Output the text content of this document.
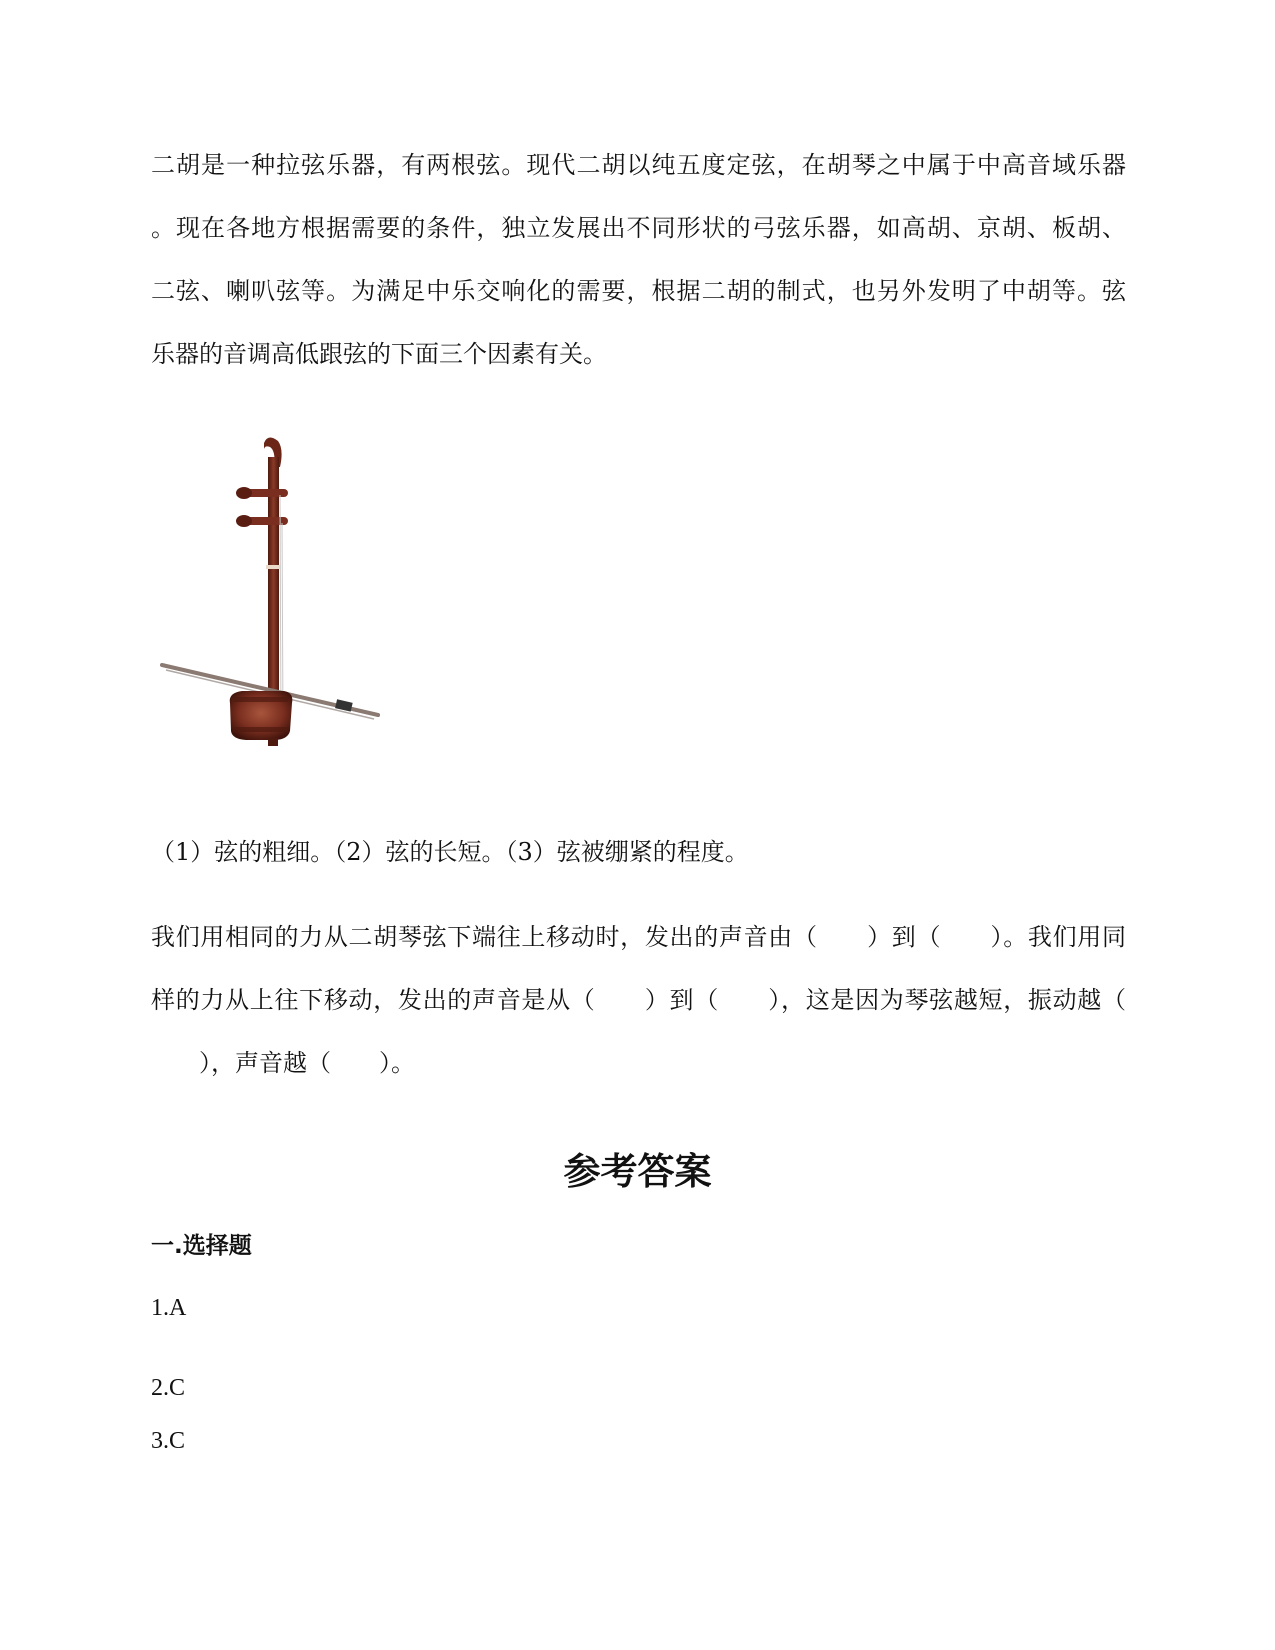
二胡是一种拉弦乐器，有两根弦。现代二胡以纯五度定弦，在胡琴之中属于中高音域乐器
。现在各地方根据需要的条件，独立发展出不同形状的弓弦乐器，如高胡、京胡、板胡、
二弦、喇叭弦等。为满足中乐交响化的需要，根据二胡的制式，也另外发明了中胡等。弦
乐器的音调高低跟弦的下面三个因素有关。
（1）弦的粗细。（2）弦的长短。（3）弦被绷紧的程度。
我们用相同的力从二胡琴弦下端往上移动时，发出的声音由（　　）到（　　）。我们用同
样的力从上往下移动，发出的声音是从（　　）到（　　），这是因为琴弦越短，振动越（
　　），声音越（　　）。
参考答案
一.选择题
1.A
2.C
3.C
